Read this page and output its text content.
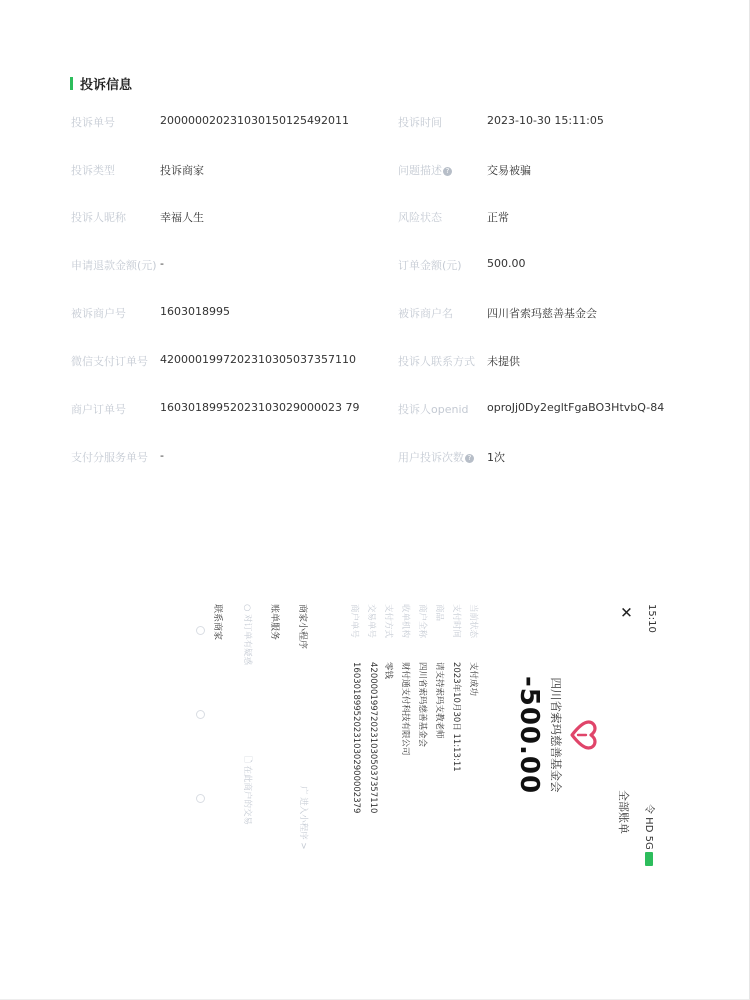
投诉信息
投诉单号	200000020231030150125492011	投诉时间	2023-10-30 15:11:05
投诉类型	投诉商家	问题描述 ?	交易被骗
投诉人昵称	幸福人生	风险状态	正常
申请退款金额(元) -	订单金额(元) 500.00
被诉商户号	1603018995	被诉商户名	四川省索玛慈善基金会
微信支付订单号 4200001997202310305037357110	投诉人联系方式 未提供
商户订单号	16030189952023103029000023 79	投诉人openid oproJj0Dy2egltFgaBO3HtvbQ-84
支付分服务单号 -	用户投诉次数 ? 1次
15:10
令 HD 5G
✕
全部账单
四川省索玛慈善基金会
-500.00
当前状态
支付成功
支付时间
2023年10月30日 11:13:11
商品
请支持索玛支教老师
商户全称
四川省索玛慈善基金会
收单机构
财付通支付科技有限公司
支付方式
零钱
交易单号
4200001997202310305037357110
商户单号
1603018995202310302900002379
商家小程序
广 进入小程序 >
账单服务
○ 对订单有疑惑
🗋 在此商户的交易
联系商家
